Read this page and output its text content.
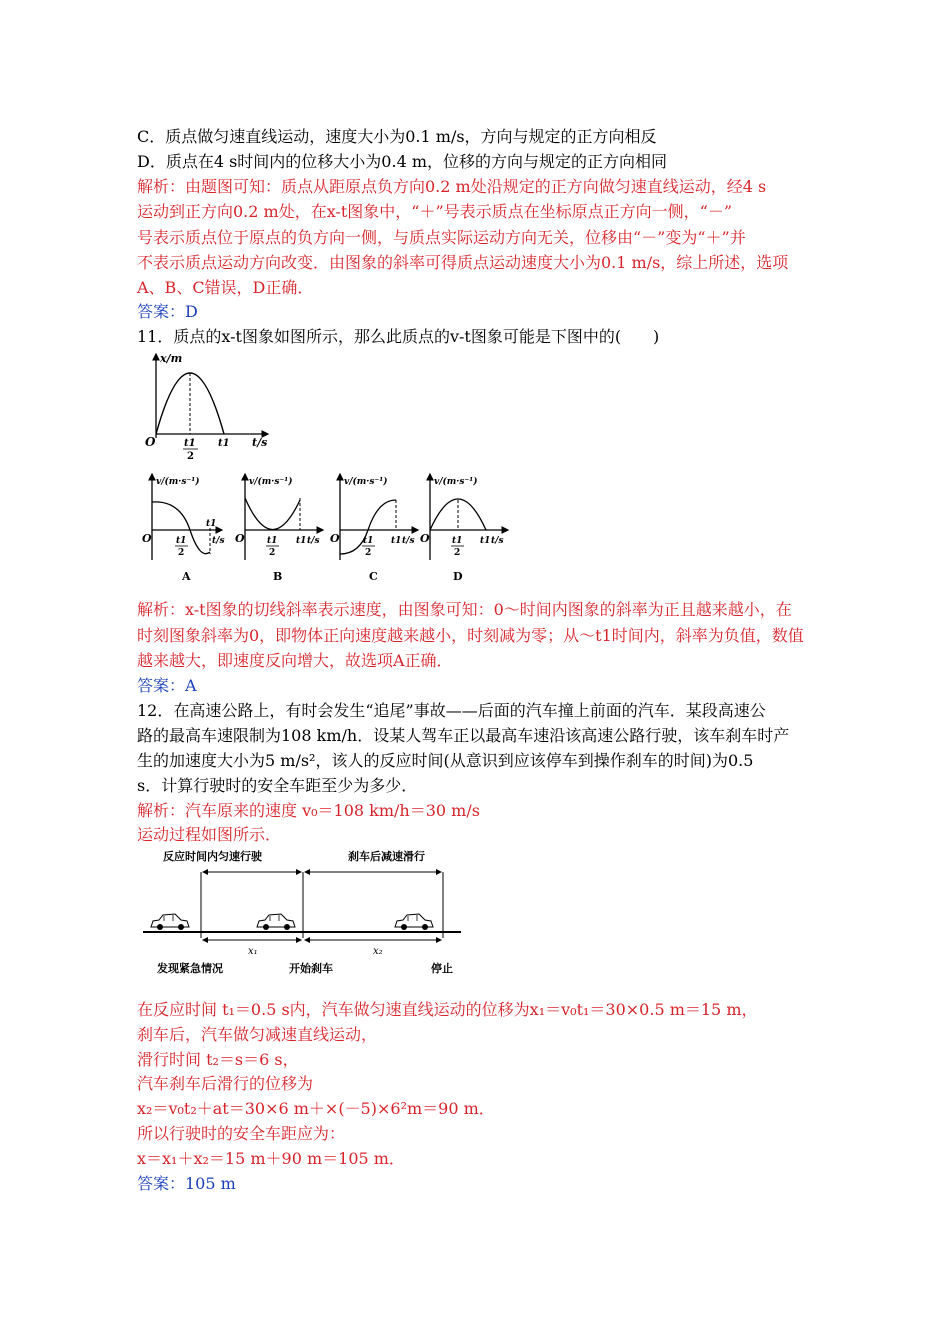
C．质点做匀速直线运动，速度大小为0.1 m/s，方向与规定的正方向相反
D．质点在4 s时间内的位移大小为0.4 m，位移的方向与规定的正方向相同
解析：由题图可知：质点从距原点负方向0.2 m处沿规定的正方向做匀速直线运动，经4 s
运动到正方向0.2 m处，在x-t图象中，“＋”号表示质点在坐标原点正方向一侧，“－”
号表示质点位于原点的负方向一侧，与质点实际运动方向无关，位移由“－”变为“＋”并
不表示质点运动方向改变．由图象的斜率可得质点运动速度大小为0.1 m/s，综上所述，选项
A、B、C错误，D正确．
答案：D
11．质点的x-t图象如图所示，那么此质点的v-t图象可能是下图中的(　　)
x/m
O	t1
2
t1 t/s
v/(m·s⁻¹)
O
t1
t1
2
t/s
A
v/(m·s⁻¹)
O t1
2
t1 t/s
B
v/(m·s⁻¹)
O	t1
2
t1 t/s
C
v/(m·s⁻¹)
O t1
2
t1 t/s
D
解析：x-t图象的切线斜率表示速度，由图象可知：0～时间内图象的斜率为正且越来越小，在
时刻图象斜率为0，即物体正向速度越来越小，时刻减为零；从～t1时间内，斜率为负值，数值
越来越大，即速度反向增大，故选项A正确．
答案：A
12．在高速公路上，有时会发生“追尾”事故——后面的汽车撞上前面的汽车．某段高速公
路的最高车速限制为108 km/h．设某人驾车正以最高车速沿该高速公路行驶，该车刹车时产
生的加速度大小为5 m/s²，该人的反应时间(从意识到应该停车到操作刹车的时间)为0.5
s．计算行驶时的安全车距至少为多少．
解析：汽车原来的速度 v₀＝108 km/h＝30 m/s
运动过程如图所示．
反应时间内匀速行驶	刹车后减速滑行
x₁	x₂
发现紧急情况	开始刹车	停止
在反应时间 t₁＝0.5 s内，汽车做匀速直线运动的位移为x₁＝v₀t₁＝30×0.5 m＝15 m，
刹车后，汽车做匀减速直线运动，
滑行时间 t₂＝s＝6 s，
汽车刹车后滑行的位移为
x₂＝v₀t₂＋at＝30×6 m＋×(－5)×6²m＝90 m．
所以行驶时的安全车距应为：
x＝x₁＋x₂＝15 m＋90 m＝105 m．
答案：105 m
